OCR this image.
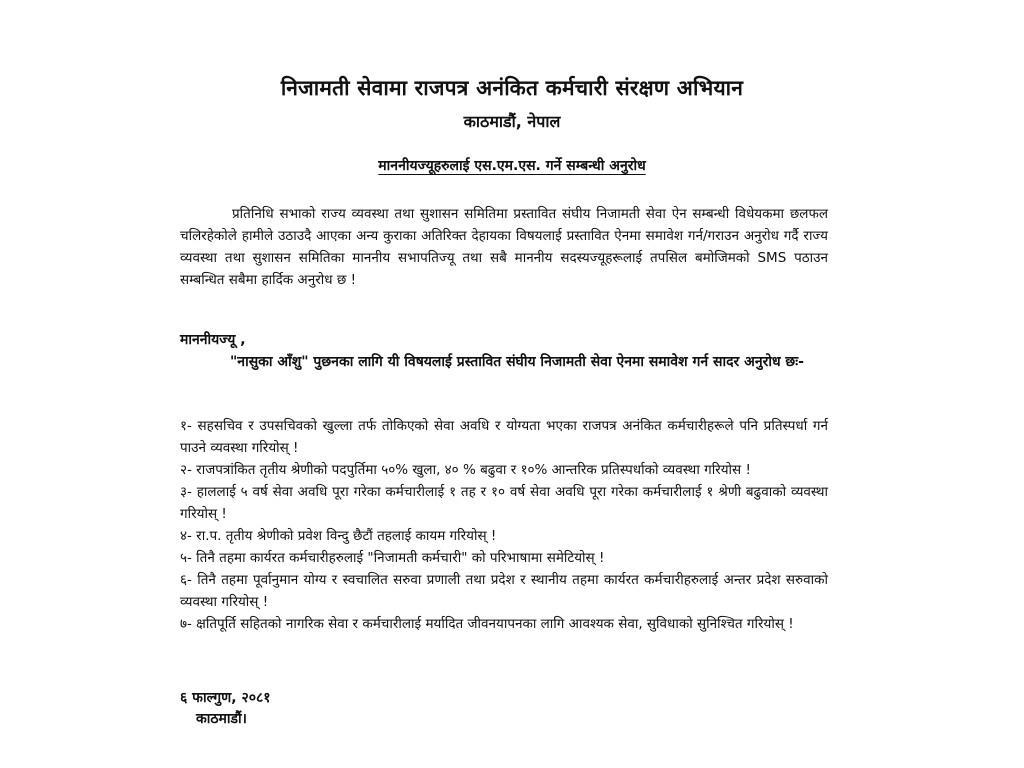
निजामती सेवामा राजपत्र अनंकित कर्मचारी संरक्षण अभियान
काठमाडौं, नेपाल
माननीयज्यूहरुलाई एस.एम.एस. गर्ने सम्बन्धी अनुरोध
प्रतिनिधि सभाको राज्य व्यवस्था तथा सुशासन समितिमा प्रस्तावित संघीय निजामती सेवा ऐन सम्बन्धी विधेयकमा छलफल चलिरहेकोले हामीले उठाउदै आएका अन्य कुराका अतिरिक्त देहायका विषयलाई प्रस्तावित ऐनमा समावेश गर्न/गराउन अनुरोध गर्दै राज्य व्यवस्था तथा सुशासन समितिका माननीय सभापतिज्यू तथा सबै माननीय सदस्यज्यूहरूलाई तपसिल बमोजिमको SMS पठाउन सम्बन्धित सबैमा हार्दिक अनुरोध छ !
माननीयज्यू ,
"नासुका आँशु" पुछनका लागि यी विषयलाई प्रस्तावित संघीय निजामती सेवा ऐनमा समावेश गर्न सादर अनुरोध छः-
१- सहसचिव र उपसचिवको खुल्ला तर्फ तोकिएको सेवा अवधि र योग्यता भएका राजपत्र अनंकित कर्मचारीहरूले पनि प्रतिस्पर्धा गर्न पाउने व्यवस्था गरियोस् !
२- राजपत्रांकित तृतीय श्रेणीको पदपुर्तिमा ५०% खुला, ४० % बढुवा र १०% आन्तरिक प्रतिस्पर्धाको व्यवस्था गरियोस !
३- हाललाई ५ वर्ष सेवा अवधि पूरा गरेका कर्मचारीलाई १ तह र १० वर्ष सेवा अवधि पूरा गरेका कर्मचारीलाई १ श्रेणी बढुवाको व्यवस्था गरियोस् !
४- रा.प. तृतीय श्रेणीको प्रवेश विन्दु छैटौं तहलाई कायम गरियोस् !
५- तिनै तहमा कार्यरत कर्मचारीहरुलाई "निजामती कर्मचारी" को परिभाषामा समेटियोस् !
६- तिनै तहमा पूर्वानुमान योग्य र स्वचालित सरुवा प्रणाली तथा प्रदेश र स्थानीय तहमा कार्यरत कर्मचारीहरुलाई अन्तर प्रदेश सरुवाको व्यवस्था गरियोस् !
७- क्षतिपूर्ति सहितको नागरिक सेवा र कर्मचारीलाई मर्यादित जीवनयापनका लागि आवश्यक सेवा, सुविधाको सुनिश्चित गरियोस् !
६ फाल्गुण, २०८१
काठमाडौं।
